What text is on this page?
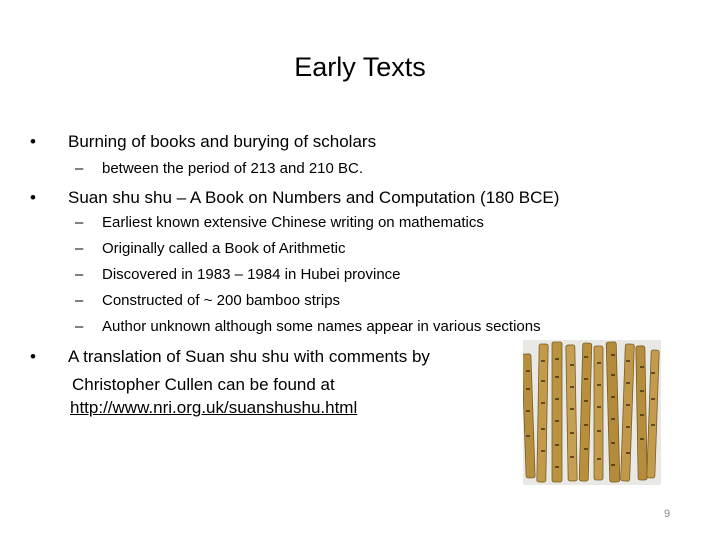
Early Texts
• Burning of books and burying of scholars
– between the period of 213 and 210 BC.
• Suan shu shu – A Book on Numbers and Computation (180 BCE)
– Earliest known extensive Chinese writing on mathematics
– Originally called a Book of Arithmetic
– Discovered in 1983 – 1984 in Hubei province
– Constructed of ~ 200 bamboo strips
– Author unknown although some names appear in various sections
• A translation of Suan shu shu with comments by
Christopher Cullen can be found at
http://www.nri.org.uk/suanshushu.html
9
